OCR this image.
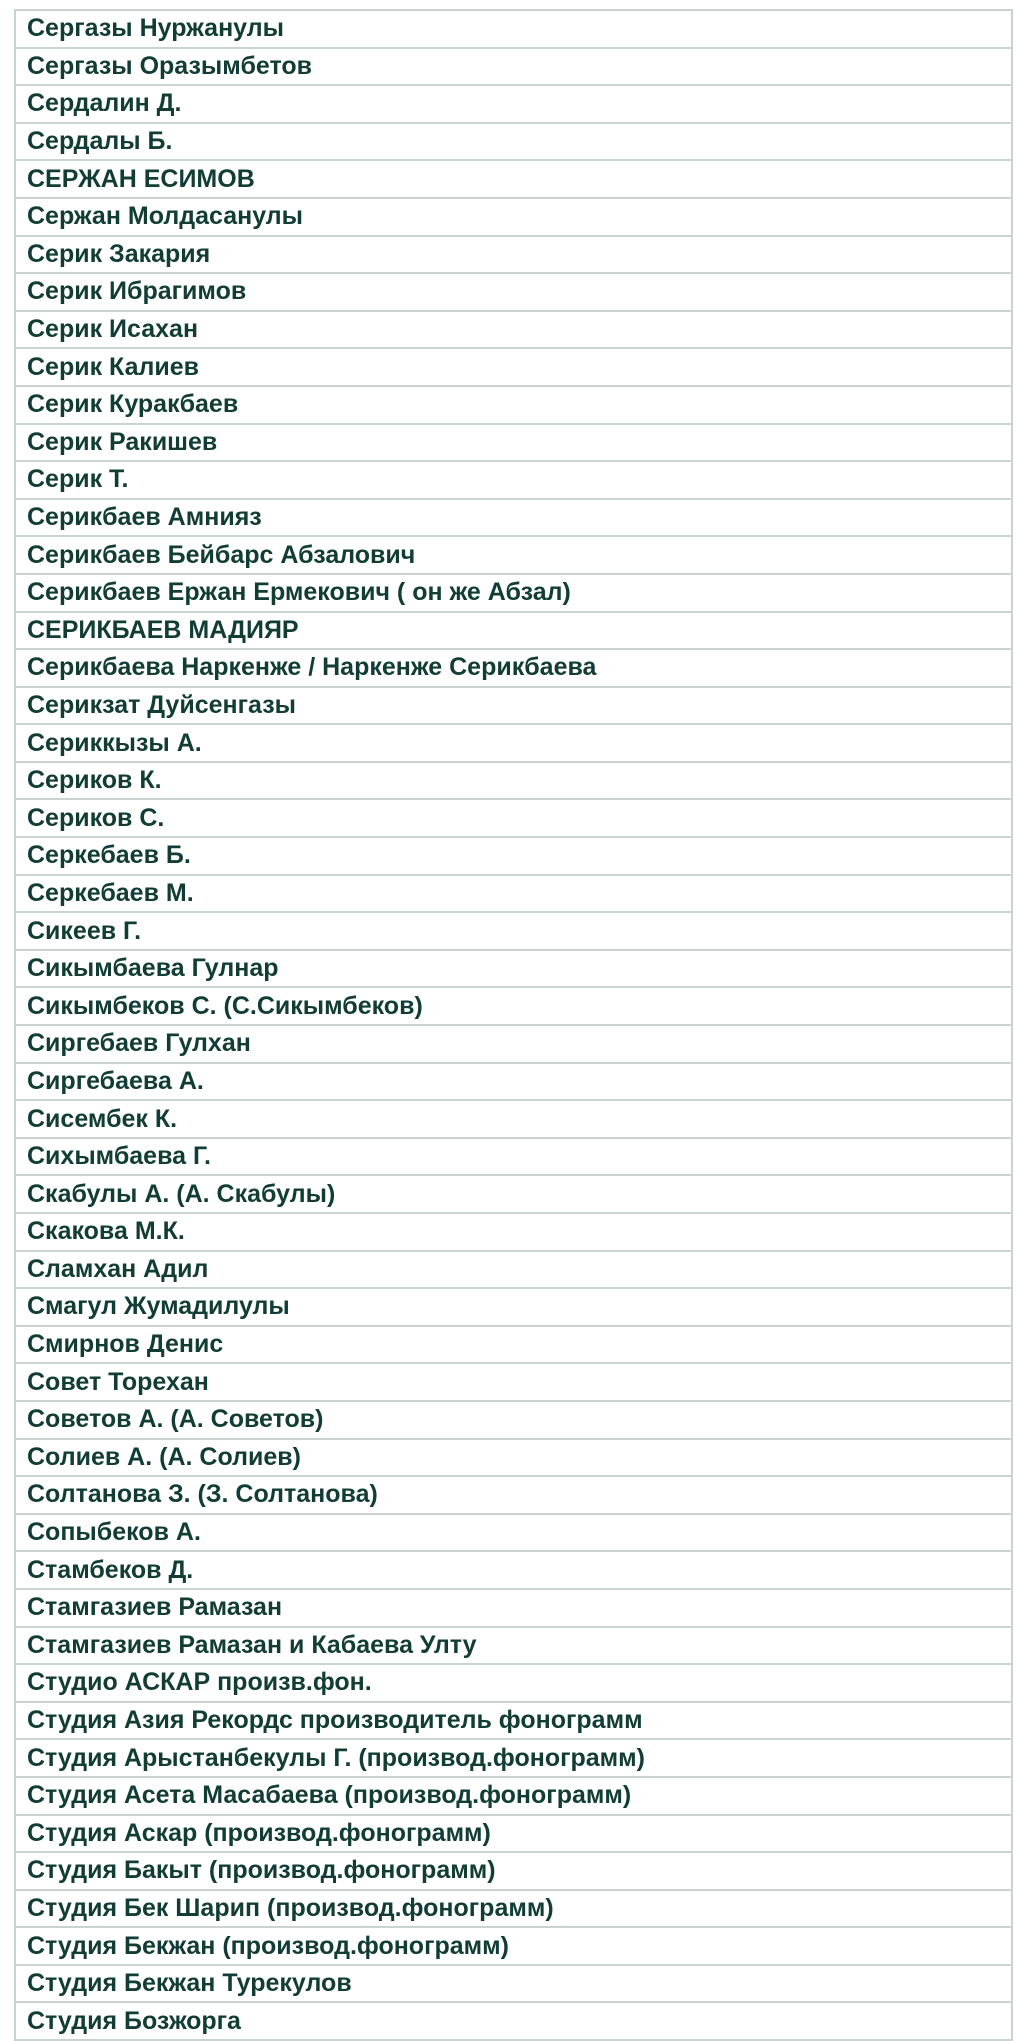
Сергазы Нуржанулы
Сергазы Оразымбетов
Сердалин Д.
Сердалы Б.
СЕРЖАН ЕСИМОВ
Сержан Молдасанулы
Серик Закария
Серик Ибрагимов
Серик Исахан
Серик Калиев
Серик Куракбаев
Серик Ракишев
Серик Т.
Серикбаев Амнияз
Серикбаев Бейбарс Абзалович
Серикбаев Ержан Ермекович ( он же Абзал)
СЕРИКБАЕВ МАДИЯР
Серикбаева Наркенже / Наркенже Серикбаева
Серикзат Дуйсенгазы
Сериккызы А.
Сериков К.
Сериков С.
Серкебаев Б.
Серкебаев М.
Сикеев Г.
Сикымбаева Гулнар
Сикымбеков С. (С.Сикымбеков)
Сиргебаев Гулхан
Сиргебаева А.
Сисембек К.
Сихымбаева Г.
Скабулы А. (А. Скабулы)
Скакова М.К.
Сламхан Адил
Смагул Жумадилулы
Смирнов Денис
Совет Торехан
Советов А. (А. Советов)
Солиев А. (А. Солиев)
Солтанова З. (З. Солтанова)
Сопыбеков А.
Стамбеков Д.
Стамгазиев Рамазан
Стамгазиев Рамазан и Кабаева Улту
Студио АСКАР произв.фон.
Студия Азия Рекордс производитель фонограмм
Студия Арыстанбекулы Г. (производ.фонограмм)
Студия Асета Масабаева (производ.фонограмм)
Студия Аскар (производ.фонограмм)
Студия Бакыт (производ.фонограмм)
Студия Бек Шарип (производ.фонограмм)
Студия Бекжан (производ.фонограмм)
Студия Бекжан Турекулов
Студия Бозжорга
